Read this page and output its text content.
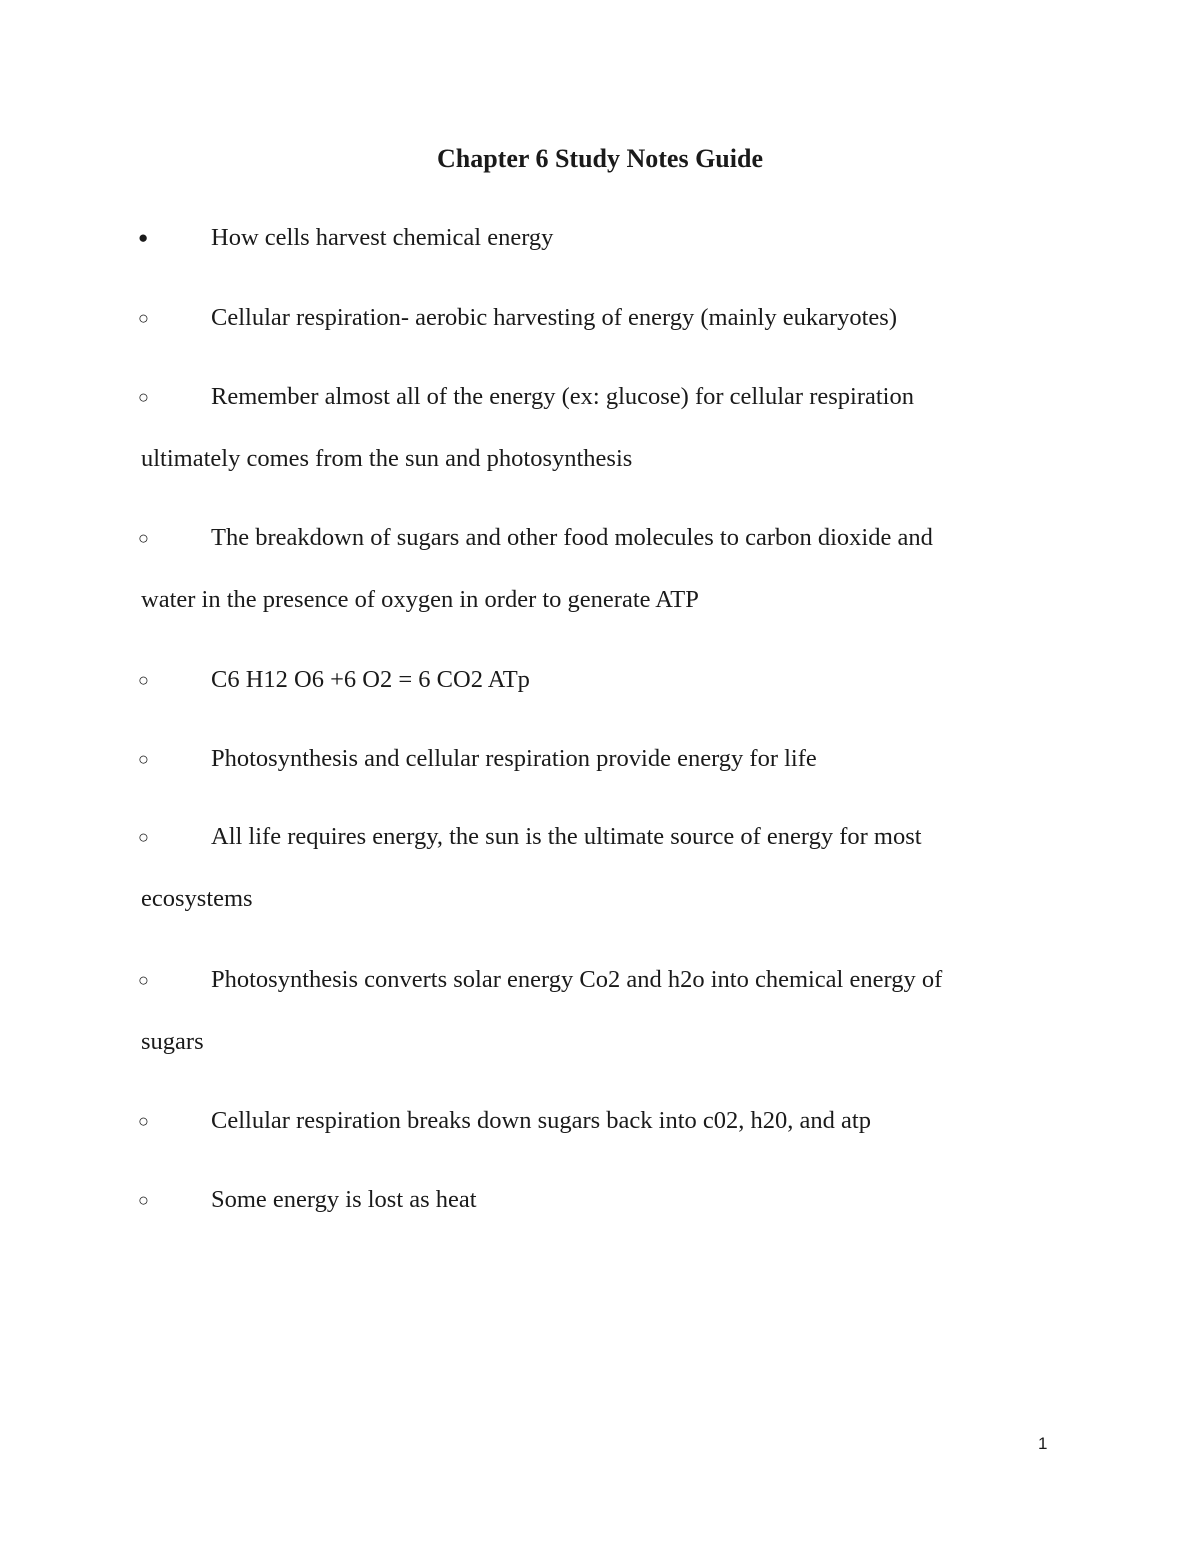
Chapter 6 Study Notes Guide
●	How cells harvest chemical energy
○	Cellular respiration- aerobic harvesting of energy (mainly eukaryotes)
○	Remember almost all of the energy (ex: glucose) for cellular respiration
ultimately comes from the sun and photosynthesis
○	The breakdown of sugars and other food molecules to carbon dioxide and
water in the presence of oxygen in order to generate ATP
○	C6 H12 O6 +6 O2 = 6 CO2 ATp
○	Photosynthesis and cellular respiration provide energy for life
○	All life requires energy, the sun is the ultimate source of energy for most
ecosystems
○	Photosynthesis converts solar energy Co2 and h2o into chemical energy of
sugars
○	Cellular respiration breaks down sugars back into c02, h20, and atp
○	Some energy is lost as heat
1
